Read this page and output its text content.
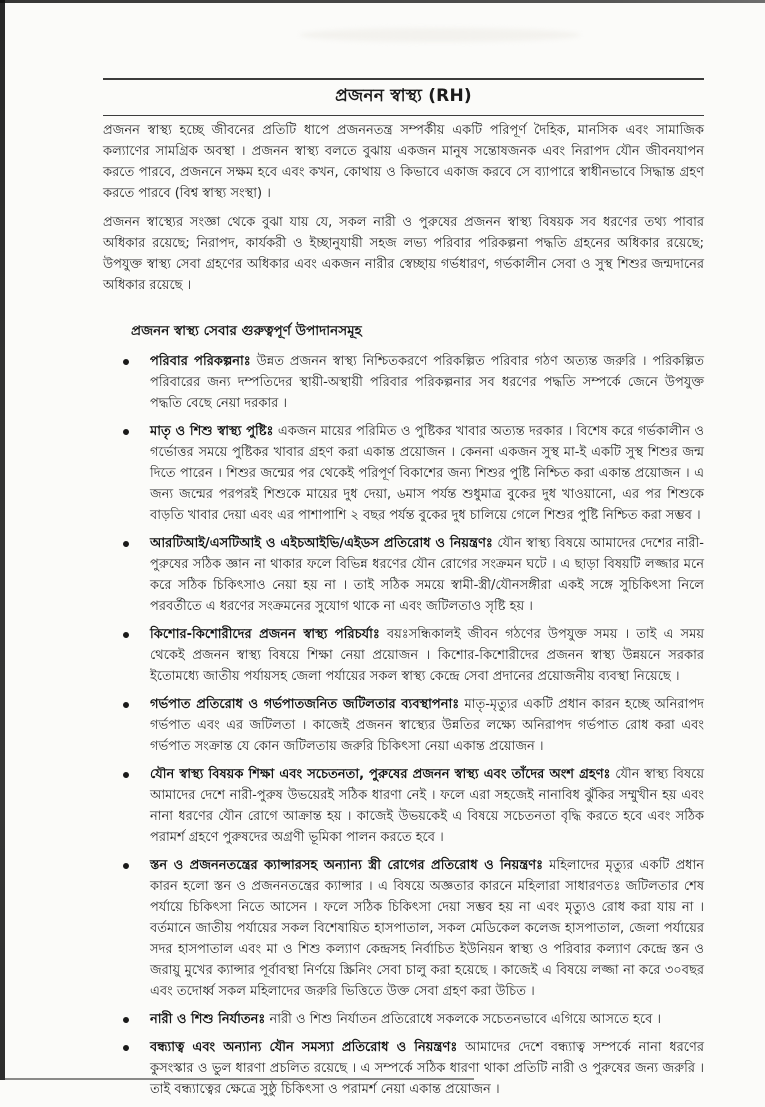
প্রজনন স্বাস্থ্য (RH)

প্রজনন স্বাস্থ্য হচ্ছে জীবনের প্রতিটি ধাপে প্রজননতন্ত্র সম্পর্কীয় একটি পরিপূর্ণ দৈহিক, মানসিক এবং সামাজিক কল্যাণের সামগ্রিক অবস্থা । প্রজনন স্বাস্থ্য বলতে বুঝায় একজন মানুষ সন্তোষজনক এবং নিরাপদ যৌন জীবনযাপন করতে পারবে, প্রজননে সক্ষম হবে এবং কখন, কোথায় ও কিভাবে একাজ করবে সে ব্যাপারে স্বাধীনভাবে সিদ্ধান্ত গ্রহণ করতে পারবে (বিশ্ব স্বাস্থ্য সংস্থা) ।

প্রজনন স্বাস্থ্যের সংজ্ঞা থেকে বুঝা যায় যে, সকল নারী ও পুরুষের প্রজনন স্বাস্থ্য বিষয়ক সব ধরণের তথ্য পাবার অধিকার রয়েছে; নিরাপদ, কার্যকরী ও ইচ্ছানুযায়ী সহজ লভ্য পরিবার পরিকল্পনা পদ্ধতি গ্রহনের অধিকার রয়েছে; উপযুক্ত স্বাস্থ্য সেবা গ্রহণের অধিকার এবং একজন নারীর স্বেচ্ছায় গর্ভধারণ, গর্ভকালীন সেবা ও সুস্থ শিশুর জন্মদানের অধিকার রয়েছে ।

প্রজনন স্বাস্থ্য সেবার গুরুত্বপূর্ণ উপাদানসমূহ
পরিবার পরিকল্পনাঃ উন্নত প্রজনন স্বাস্থ্য নিশ্চিতকরণে পরিকল্পিত পরিবার গঠণ অত্যন্ত জরুরি । পরিকল্পিত পরিবারের জন্য দম্পতিদের স্থায়ী-অস্থায়ী পরিবার পরিকল্পনার সব ধরণের পদ্ধতি সম্পর্কে জেনে উপযুক্ত পদ্ধতি বেছে নেয়া দরকার ।
মাতৃ ও শিশু স্বাস্থ্য পুষ্টিঃ একজন মায়ের পরিমিত ও পুষ্টিকর খাবার অত্যন্ত দরকার । বিশেষ করে গর্ভকালীন ও গর্ভোত্তর সময়ে পুষ্টিকর খাবার গ্রহণ করা একান্ত প্রয়োজন । কেননা একজন সুস্থ মা-ই একটি সুস্থ শিশুর জন্ম দিতে পারেন । শিশুর জন্মের পর থেকেই পরিপূর্ণ বিকাশের জন্য শিশুর পুষ্টি নিশ্চিত করা একান্ত প্রয়োজন । এ জন্য জন্মের পরপরই শিশুকে মায়ের দুধ দেয়া, ৬মাস পর্যন্ত শুধুমাত্র বুকের দুধ খাওয়ানো, এর পর শিশুকে বাড়তি খাবার দেয়া এবং এর পাশাপাশি ২ বছর পর্যন্ত বুকের দুধ চালিয়ে গেলে শিশুর পুষ্টি নিশ্চিত করা সম্ভব ।
আরটিআই/এসটিআই ও এইচআইভি/এইডস প্রতিরোধ ও নিয়ন্ত্রণঃ যৌন স্বাস্থ্য বিষয়ে আমাদের দেশের নারী-পুরুষের সঠিক জ্ঞান না থাকার ফলে বিভিন্ন ধরণের যৌন রোগের সংক্রমন ঘটে । এ ছাড়া বিষয়টি লজ্জার মনে করে সঠিক চিকিৎসাও নেয়া হয় না । তাই সঠিক সময়ে স্বামী-স্ত্রী/যৌনসঙ্গীরা একই সঙ্গে সুচিকিৎসা নিলে পরবর্তীতে এ ধরণের সংক্রমনের সুযোগ থাকে না এবং জটিলতাও সৃষ্টি হয় ।
কিশোর-কিশোরীদের প্রজনন স্বাস্থ্য পরিচর্যাঃ বয়ঃসন্ধিকালই জীবন গঠণের উপযুক্ত সময় । তাই এ সময় থেকেই প্রজনন স্বাস্থ্য বিষয়ে শিক্ষা নেয়া প্রয়োজন । কিশোর-কিশোরীদের প্রজনন স্বাস্থ্য উন্নয়নে সরকার ইতোমধ্যে জাতীয় পর্যায়সহ জেলা পর্যায়ের সকল স্বাস্থ্য কেন্দ্রে সেবা প্রদানের প্রয়োজনীয় ব্যবস্থা নিয়েছে ।
গর্ভপাত প্রতিরোধ ও গর্ভপাতজনিত জটিলতার ব্যবস্থাপনাঃ মাতৃ-মৃত্যুর একটি প্রধান কারন হচ্ছে অনিরাপদ গর্ভপাত এবং এর জটিলতা । কাজেই প্রজনন স্বাস্থ্যের উন্নতির লক্ষ্যে অনিরাপদ গর্ভপাত রোধ করা এবং গর্ভপাত সংক্রান্ত যে কোন জটিলতায় জরুরি চিকিৎসা নেয়া একান্ত প্রয়োজন ।
যৌন স্বাস্থ্য বিষয়ক শিক্ষা এবং সচেতনতা, পুরুষের প্রজনন স্বাস্থ্য এবং তাঁদের অংশ গ্রহণঃ যৌন স্বাস্থ্য বিষয়ে আমাদের দেশে নারী-পুরুষ উভয়েরই সঠিক ধারণা নেই । ফলে এরা সহজেই নানাবিধ ঝুঁকির সম্মুখীন হয় এবং নানা ধরণের যৌন রোগে আক্রান্ত হয় । কাজেই উভয়কেই এ বিষয়ে সচেতনতা বৃদ্ধি করতে হবে এবং সঠিক পরামর্শ গ্রহণে পুরুষদের অগ্রণী ভূমিকা পালন করতে হবে ।
স্তন ও প্রজননতন্ত্রের ক্যান্সারসহ অন্যান্য স্ত্রী রোগের প্রতিরোধ ও নিয়ন্ত্রণঃ মহিলাদের মৃত্যুর একটি প্রধান কারন হলো স্তন ও প্রজননতন্ত্রের ক্যান্সার । এ বিষয়ে অজ্ঞতার কারনে মহিলারা সাধারণতঃ জটিলতার শেষ পর্যায়ে চিকিৎসা নিতে আসেন । ফলে সঠিক চিকিৎসা দেয়া সম্ভব হয় না এবং মৃত্যুও রোধ করা যায় না । বর্তমানে জাতীয় পর্যায়ের সকল বিশেষায়িত হাসপাতাল, সকল মেডিকেল কলেজ হাসপাতাল, জেলা পর্যায়ের সদর হাসপাতাল এবং মা ও শিশু কল্যাণ কেন্দ্রসহ নির্বাচিত ইউনিয়ন স্বাস্থ্য ও পরিবার কল্যাণ কেন্দ্রে স্তন ও জরায়ু মুখের ক্যান্সার পূর্বাবস্থা নির্ণয়ে স্ক্রিনিং সেবা চালু করা হয়েছে । কাজেই এ বিষয়ে লজ্জা না করে ৩০বছর এবং তদোর্ধ্ব সকল মহিলাদের জরুরি ভিত্তিতে উক্ত সেবা গ্রহণ করা উচিত ।
নারী ও শিশু নির্যাতনঃ নারী ও শিশু নির্যাতন প্রতিরোধে সকলকে সচেতনভাবে এগিয়ে আসতে হবে ।
বন্ধ্যাত্ব এবং অন্যান্য যৌন সমস্যা প্রতিরোধ ও নিয়ন্ত্রণঃ আমাদের দেশে বন্ধ্যাত্ব সম্পর্কে নানা ধরণের কুসংস্কার ও ভুল ধারণা প্রচলিত রয়েছে । এ সম্পর্কে সঠিক ধারণা থাকা প্রতিটি নারী ও পুরুষের জন্য জরুরি । তাই বন্ধ্যাত্বের ক্ষেত্রে সুষ্ঠু চিকিৎসা ও পরামর্শ নেয়া একান্ত প্রয়োজন ।
